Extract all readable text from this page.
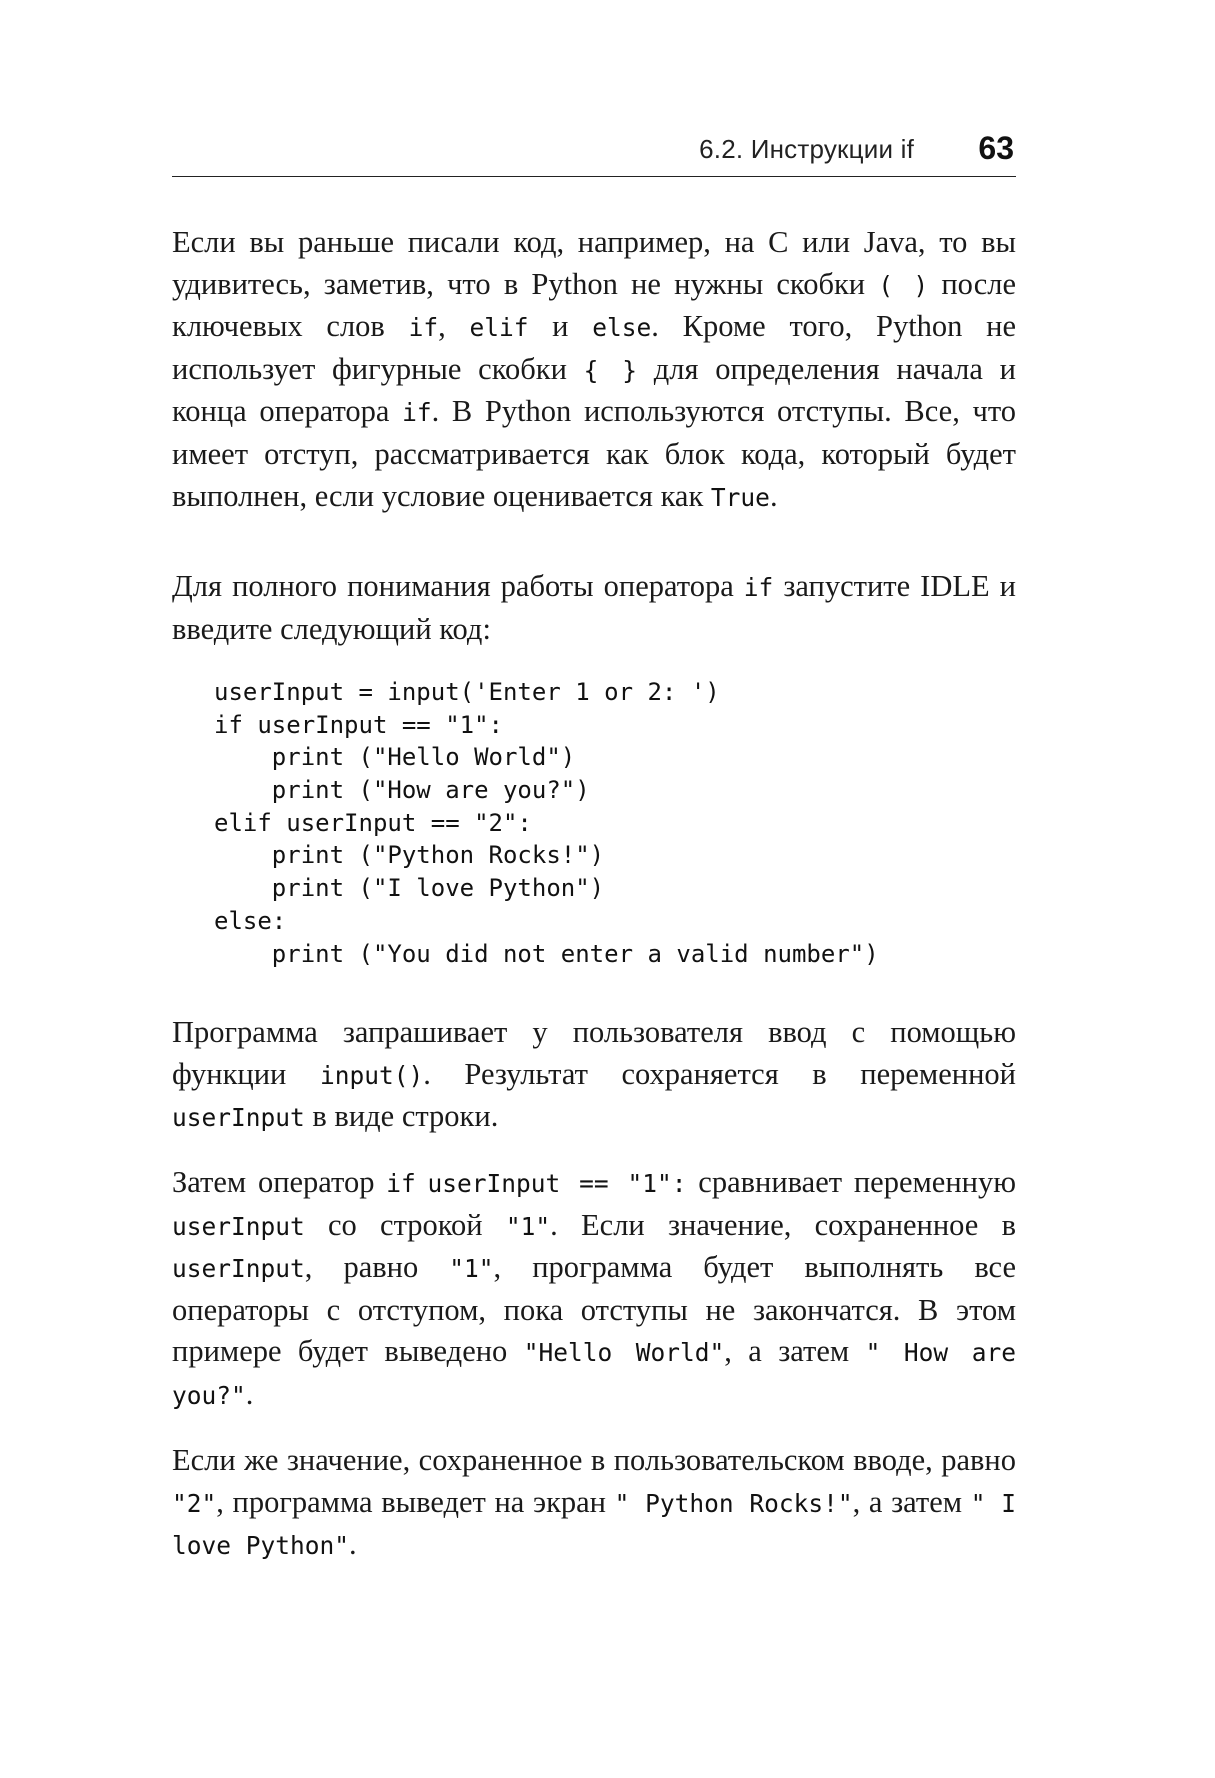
6.2. Инструкции if 63

Если вы раньше писали код, например, на C или Java, то вы удивитесь, заметив, что в Python не нужны скобки ( ) после ключевых слов if, elif и else. Кроме того, Python не использует фигурные скобки { } для определения начала и конца оператора if. В Python используются отступы. Все, что имеет отступ, рассматривается как блок кода, который будет выполнен, если условие оценивается как True.

Для полного понимания работы оператора if запустите IDLE и введите следующий код:

userInput = input('Enter 1 or 2: ')
if userInput == "1":
print ("Hello World")
print ("How are you?")
elif userInput == "2":
print ("Python Rocks!")
print ("I love Python")
else:
print ("You did not enter a valid number")

Программа запрашивает у пользователя ввод с помощью функции input(). Результат сохраняется в переменной userInput в виде строки.

Затем оператор if userInput == "1": сравнивает переменную userInput со строкой "1". Если значение, сохраненное в userInput, равно "1", программа будет выполнять все операторы с отступом, пока отступы не закончатся. В этом примере будет выведено "Hello World", а затем " How are you?".

Если же значение, сохраненное в пользовательском вводе, равно "2", программа выведет на экран " Python Rocks!", а затем " I love Python".
